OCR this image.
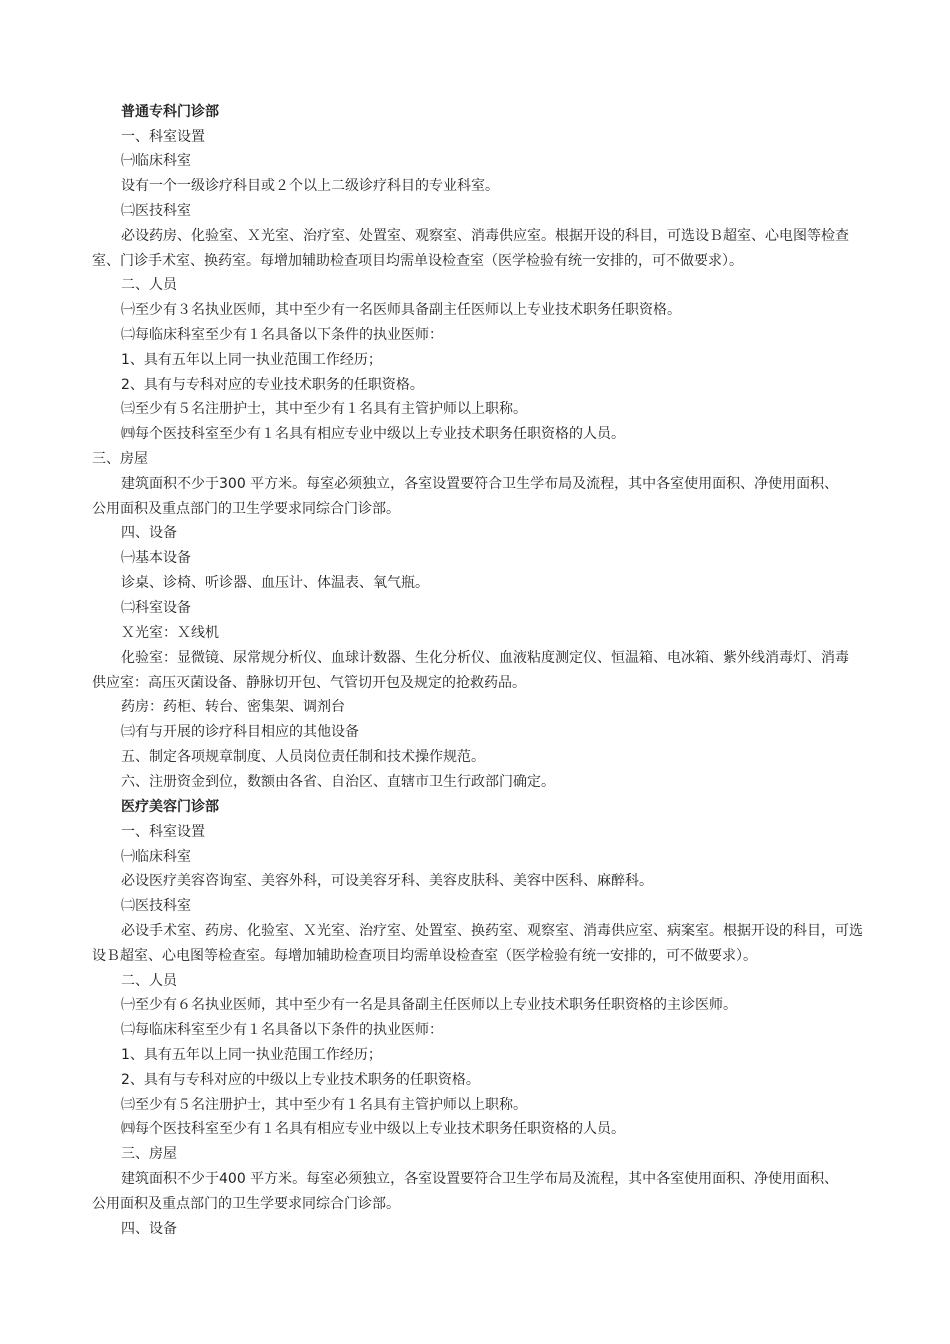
普通专科门诊部
一、科室设置
㈠临床科室
设有一个一级诊疗科目或２个以上二级诊疗科目的专业科室。
㈡医技科室
必设药房、化验室、Ｘ光室、治疗室、处置室、观察室、消毒供应室。根据开设的科目，可选设Ｂ超室、心电图等检查
室、门诊手术室、换药室。每增加辅助检查项目均需单设检查室（医学检验有统一安排的，可不做要求）。
二、人员
㈠至少有３名执业医师，其中至少有一名医师具备副主任医师以上专业技术职务任职资格。
㈡每临床科室至少有１名具备以下条件的执业医师：
1、具有五年以上同一执业范围工作经历；
2、具有与专科对应的专业技术职务的任职资格。
㈢至少有５名注册护士，其中至少有１名具有主管护师以上职称。
㈣每个医技科室至少有１名具有相应专业中级以上专业技术职务任职资格的人员。
三、房屋
建筑面积不少于300 平方米。每室必须独立，各室设置要符合卫生学布局及流程，其中各室使用面积、净使用面积、
公用面积及重点部门的卫生学要求同综合门诊部。
四、设备
㈠基本设备
诊桌、诊椅、听诊器、血压计、体温表、氧气瓶。
㈡科室设备
Ｘ光室：Ｘ线机
化验室：显微镜、尿常规分析仪、血球计数器、生化分析仪、血液粘度测定仪、恒温箱、电冰箱、紫外线消毒灯、消毒
供应室：高压灭菌设备、静脉切开包、气管切开包及规定的抢救药品。
药房：药柜、转台、密集架、调剂台
㈢有与开展的诊疗科目相应的其他设备
五、制定各项规章制度、人员岗位责任制和技术操作规范。
六、注册资金到位，数额由各省、自治区、直辖市卫生行政部门确定。
医疗美容门诊部
一、科室设置
㈠临床科室
必设医疗美容咨询室、美容外科，可设美容牙科、美容皮肤科、美容中医科、麻醉科。
㈡医技科室
必设手术室、药房、化验室、Ｘ光室、治疗室、处置室、换药室、观察室、消毒供应室、病案室。根据开设的科目，可选
设Ｂ超室、心电图等检查室。每增加辅助检查项目均需单设检查室（医学检验有统一安排的，可不做要求）。
二、人员
㈠至少有６名执业医师，其中至少有一名是具备副主任医师以上专业技术职务任职资格的主诊医师。
㈡每临床科室至少有１名具备以下条件的执业医师：
1、具有五年以上同一执业范围工作经历；
2、具有与专科对应的中级以上专业技术职务的任职资格。
㈢至少有５名注册护士，其中至少有１名具有主管护师以上职称。
㈣每个医技科室至少有１名具有相应专业中级以上专业技术职务任职资格的人员。
三、房屋
建筑面积不少于400 平方米。每室必须独立，各室设置要符合卫生学布局及流程，其中各室使用面积、净使用面积、
公用面积及重点部门的卫生学要求同综合门诊部。
四、设备
